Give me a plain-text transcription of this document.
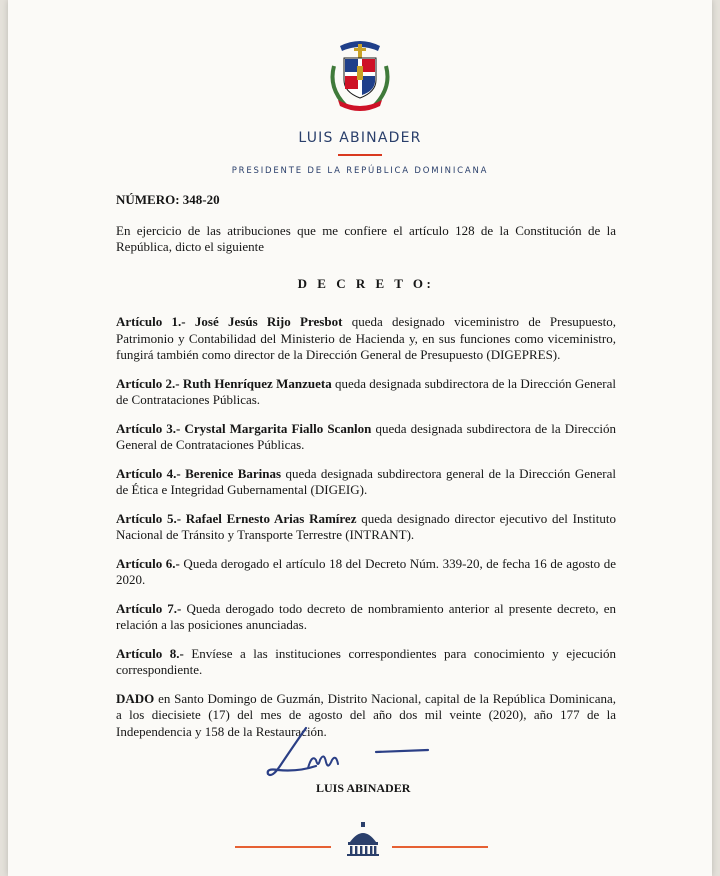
LUIS ABINADER
PRESIDENTE DE LA REPÚBLICA DOMINICANA

NÚMERO: 348-20

En ejercicio de las atribuciones que me confiere el artículo 128 de la Constitución de la República, dicto el siguiente

D E C R E T O:

Artículo 1.- José Jesús Rijo Presbot queda designado viceministro de Presupuesto, Patrimonio y Contabilidad del Ministerio de Hacienda y, en sus funciones como viceministro, fungirá también como director de la Dirección General de Presupuesto (DIGEPRES).

Artículo 2.- Ruth Henríquez Manzueta queda designada subdirectora de la Dirección General de Contrataciones Públicas.

Artículo 3.- Crystal Margarita Fiallo Scanlon queda designada subdirectora de la Dirección General de Contrataciones Públicas.

Artículo 4.- Berenice Barinas queda designada subdirectora general de la Dirección General de Ética e Integridad Gubernamental (DIGEIG).

Artículo 5.- Rafael Ernesto Arias Ramírez queda designado director ejecutivo del Instituto Nacional de Tránsito y Transporte Terrestre (INTRANT).

Artículo 6.- Queda derogado el artículo 18 del Decreto Núm. 339-20, de fecha 16 de agosto de 2020.

Artículo 7.- Queda derogado todo decreto de nombramiento anterior al presente decreto, en relación a las posiciones anunciadas.

Artículo 8.- Envíese a las instituciones correspondientes para conocimiento y ejecución correspondiente.

DADO en Santo Domingo de Guzmán, Distrito Nacional, capital de la República Dominicana, a los diecisiete (17) del mes de agosto del año dos mil veinte (2020), año 177 de la Independencia y 158 de la Restauración.

LUIS ABINADER
